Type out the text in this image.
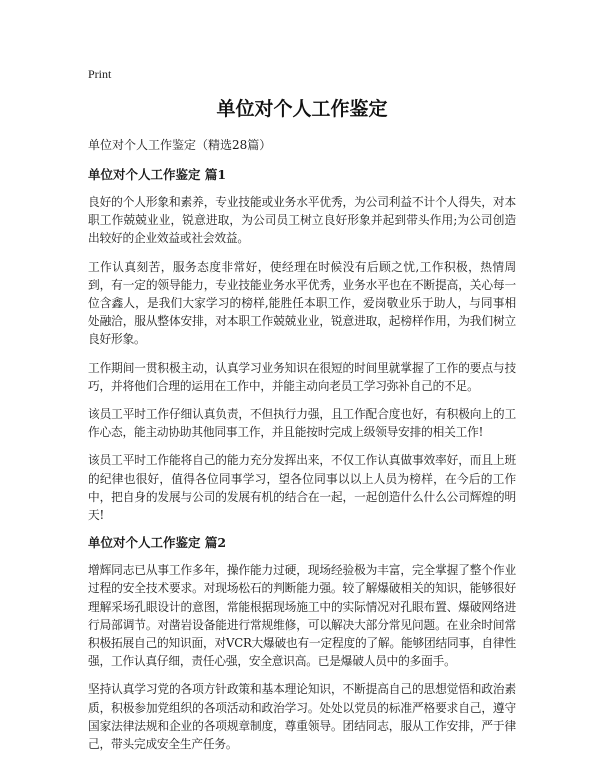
Print
单位对个人工作鉴定
单位对个人工作鉴定（精选28篇）
单位对个人工作鉴定 篇1

良好的个人形象和素养，专业技能或业务水平优秀，为公司利益不计个人得失，对本职工作兢兢业业，锐意进取，为公司员工树立良好形象并起到带头作用;为公司创造出较好的企业效益或社会效益。

工作认真刻苦，服务态度非常好，使经理在时候没有后顾之忧,工作积极，热情周到，有一定的领导能力，专业技能业务水平优秀，业务水平也在不断提高，关心每一位含鑫人，是我们大家学习的榜样,能胜任本职工作，爱岗敬业乐于助人，与同事相处融洽，服从整体安排，对本职工作兢兢业业，锐意进取，起榜样作用，为我们树立良好形象。

工作期间一贯积极主动，认真学习业务知识在很短的时间里就掌握了工作的要点与技巧，并将他们合理的运用在工作中，并能主动向老员工学习弥补自己的不足。

该员工平时工作仔细认真负责，不但执行力强，且工作配合度也好，有积极向上的工作心态，能主动协助其他同事工作，并且能按时完成上级领导安排的相关工作!

该员工平时工作能将自己的能力充分发挥出来，不仅工作认真做事效率好，而且上班的纪律也很好，值得各位同事学习，望各位同事以以上人员为榜样，在今后的工作中，把自身的发展与公司的发展有机的结合在一起，一起创造什么什么公司辉煌的明天!

单位对个人工作鉴定 篇2

增辉同志已从事工作多年，操作能力过硬，现场经验极为丰富，完全掌握了整个作业过程的安全技术要求。对现场松石的判断能力强。较了解爆破相关的知识，能够很好理解采场孔眼设计的意图，常能根据现场施工中的实际情况对孔眼布置、爆破网络进行局部调节。对凿岩设备能进行常规维修，可以解决大部分常见问题。在业余时间常积极拓展自己的知识面，对VCR大爆破也有一定程度的了解。能够团结同事，自律性强，工作认真仔细，责任心强，安全意识高。已是爆破人员中的多面手。

坚持认真学习党的各项方针政策和基本理论知识，不断提高自己的思想觉悟和政治素质，积极参加党组织的各项活动和政治学习。处处以党员的标准严格要求自己，遵守国家法律法规和企业的各项规章制度，尊重领导。团结同志，服从工作安排，严于律己，带头完成安全生产任务。
